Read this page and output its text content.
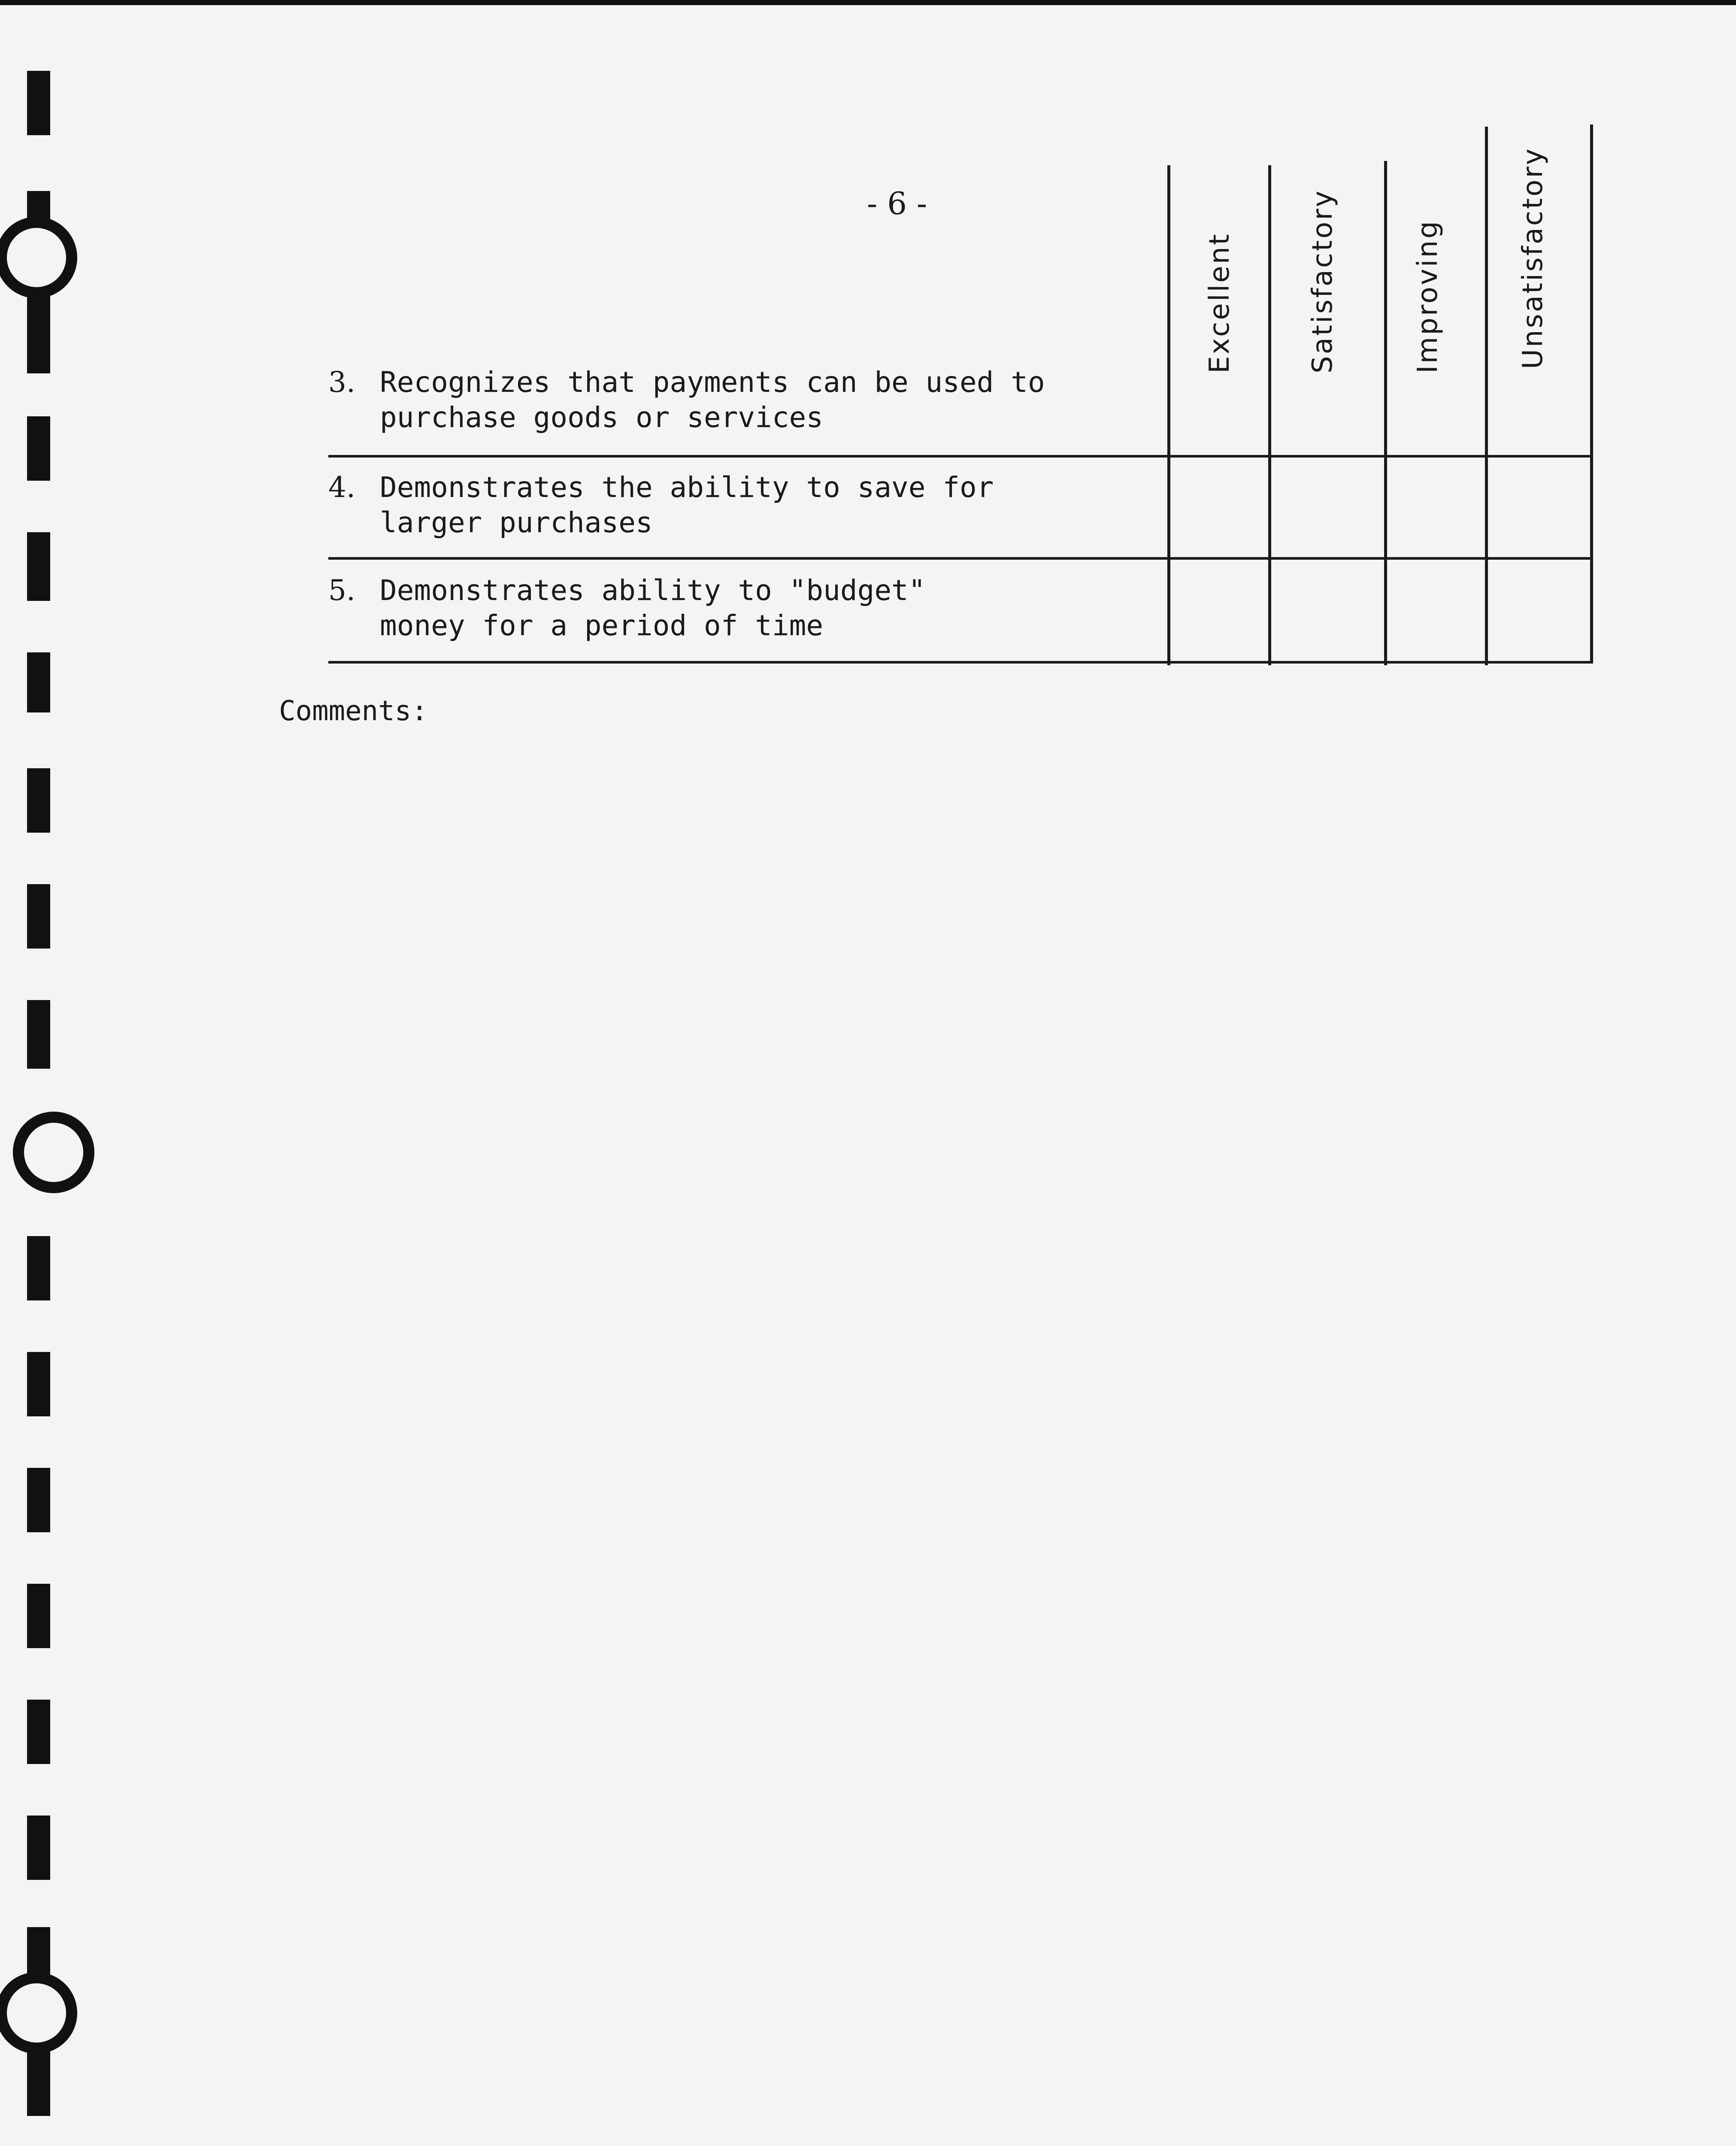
- 6 -
Excellent	Satisfactory	Improving	Unsatisfactory
3. Recognizes that payments can be used to
purchase goods or services
4. Demonstrates the ability to save for
larger purchases
5. Demonstrates ability to "budget"
money for a period of time
Comments:
